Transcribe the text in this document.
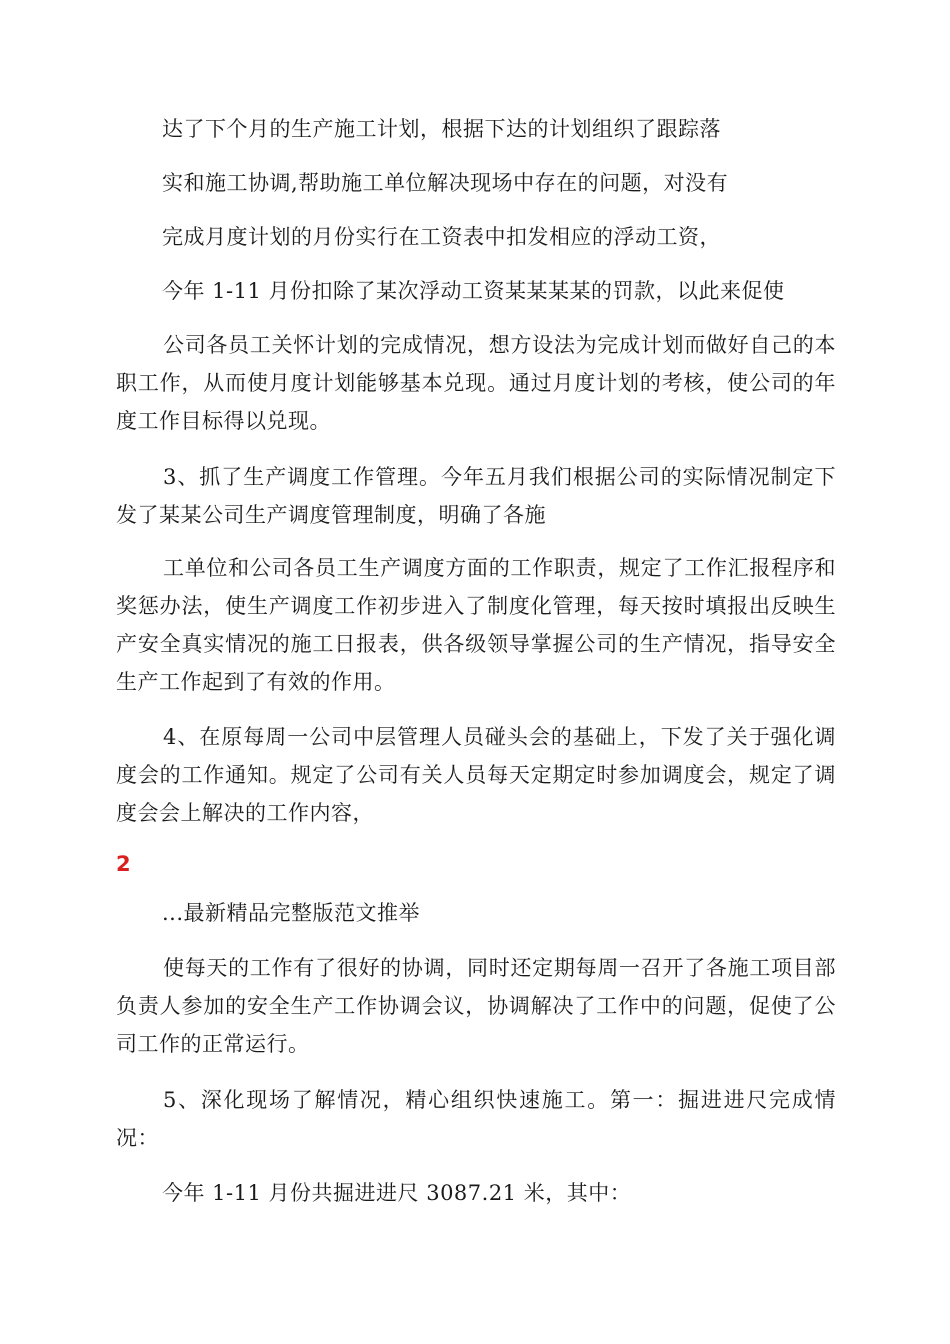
达了下个月的生产施工计划，根据下达的计划组织了跟踪落
实和施工协调,帮助施工单位解决现场中存在的问题，对没有
完成月度计划的月份实行在工资表中扣发相应的浮动工资，
今年 1-11 月份扣除了某次浮动工资某某某某的罚款，以此来促使

公司各员工关怀计划的完成情况，想方设法为完成计划而做好自己的本职工作，从而使月度计划能够基本兑现。通过月度计划的考核，使公司的年度工作目标得以兑现。

3、抓了生产调度工作管理。今年五月我们根据公司的实际情况制定下发了某某公司生产调度管理制度，明确了各施

工单位和公司各员工生产调度方面的工作职责，规定了工作汇报程序和奖惩办法，使生产调度工作初步进入了制度化管理，每天按时填报出反映生产安全真实情况的施工日报表，供各级领导掌握公司的生产情况，指导安全生产工作起到了有效的作用。

4、在原每周一公司中层管理人员碰头会的基础上，下发了关于强化调度会的工作通知。规定了公司有关人员每天定期定时参加调度会，规定了调度会会上解决的工作内容，

2
...最新精品完整版范文推举

使每天的工作有了很好的协调，同时还定期每周一召开了各施工项目部负责人参加的安全生产工作协调会议，协调解决了工作中的问题，促使了公司工作的正常运行。

5、深化现场了解情况，精心组织快速施工。第一：掘进进尺完成情况：

今年 1-11 月份共掘进进尺 3087.21 米，其中：
